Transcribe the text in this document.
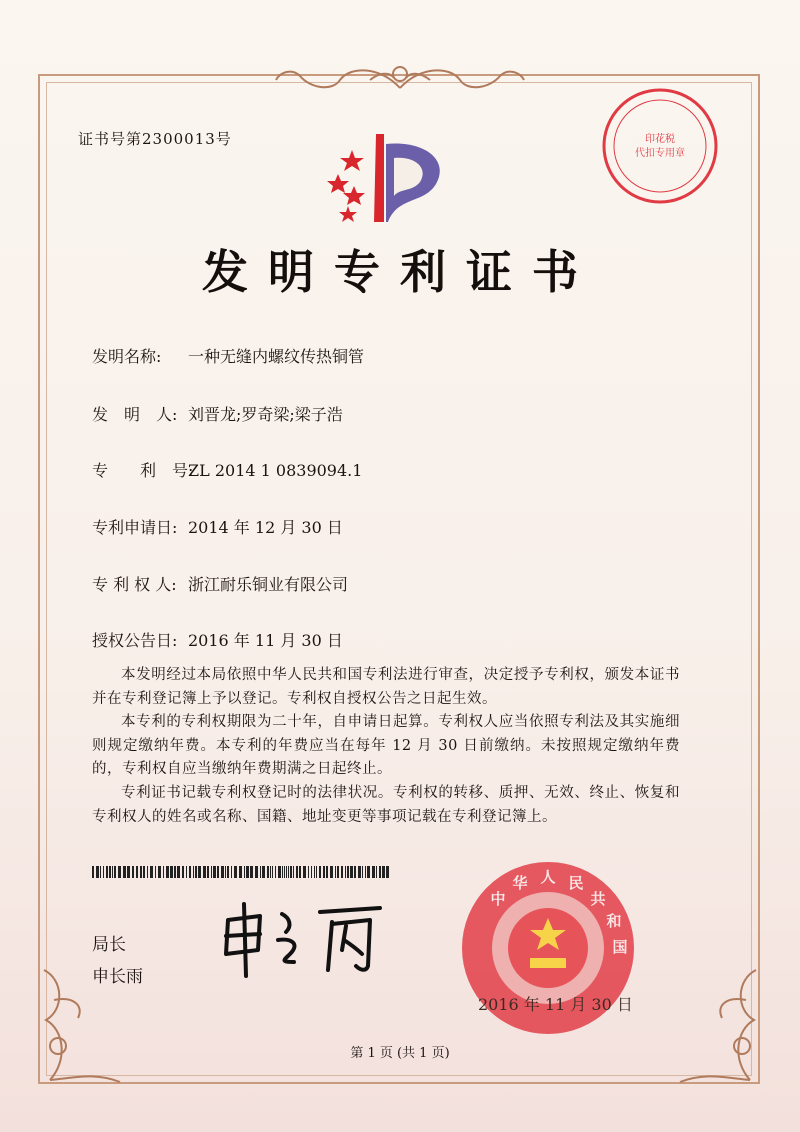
证书号第2300013号
发明专利证书
发明名称: 一种无缝内螺纹传热铜管
发　明　人: 刘晋龙;罗奇梁;梁子浩
专　　利　号:ZL 2014 1 0839094.1
专利申请日: 2014 年 12 月 30 日
专 利 权 人: 浙江耐乐铜业有限公司
授权公告日: 2016 年 11 月 30 日

本发明经过本局依照中华人民共和国专利法进行审查，决定授予专利权，颁发本证书并在专利登记簿上予以登记。专利权自授权公告之日起生效。

本专利的专利权期限为二十年，自申请日起算。专利权人应当依照专利法及其实施细则规定缴纳年费。本专利的年费应当在每年 12 月 30 日前缴纳。未按照规定缴纳年费的，专利权自应当缴纳年费期满之日起终止。

专利证书记载专利权登记时的法律状况。专利权的转移、质押、无效、终止、恢复和专利权人的姓名或名称、国籍、地址变更等事项记载在专利登记簿上。

局长
申长雨
人 民
共
和
国
华
中
印花税
代扣专用章
2016 年 11 月 30 日
第 1 页 (共 1 页)
